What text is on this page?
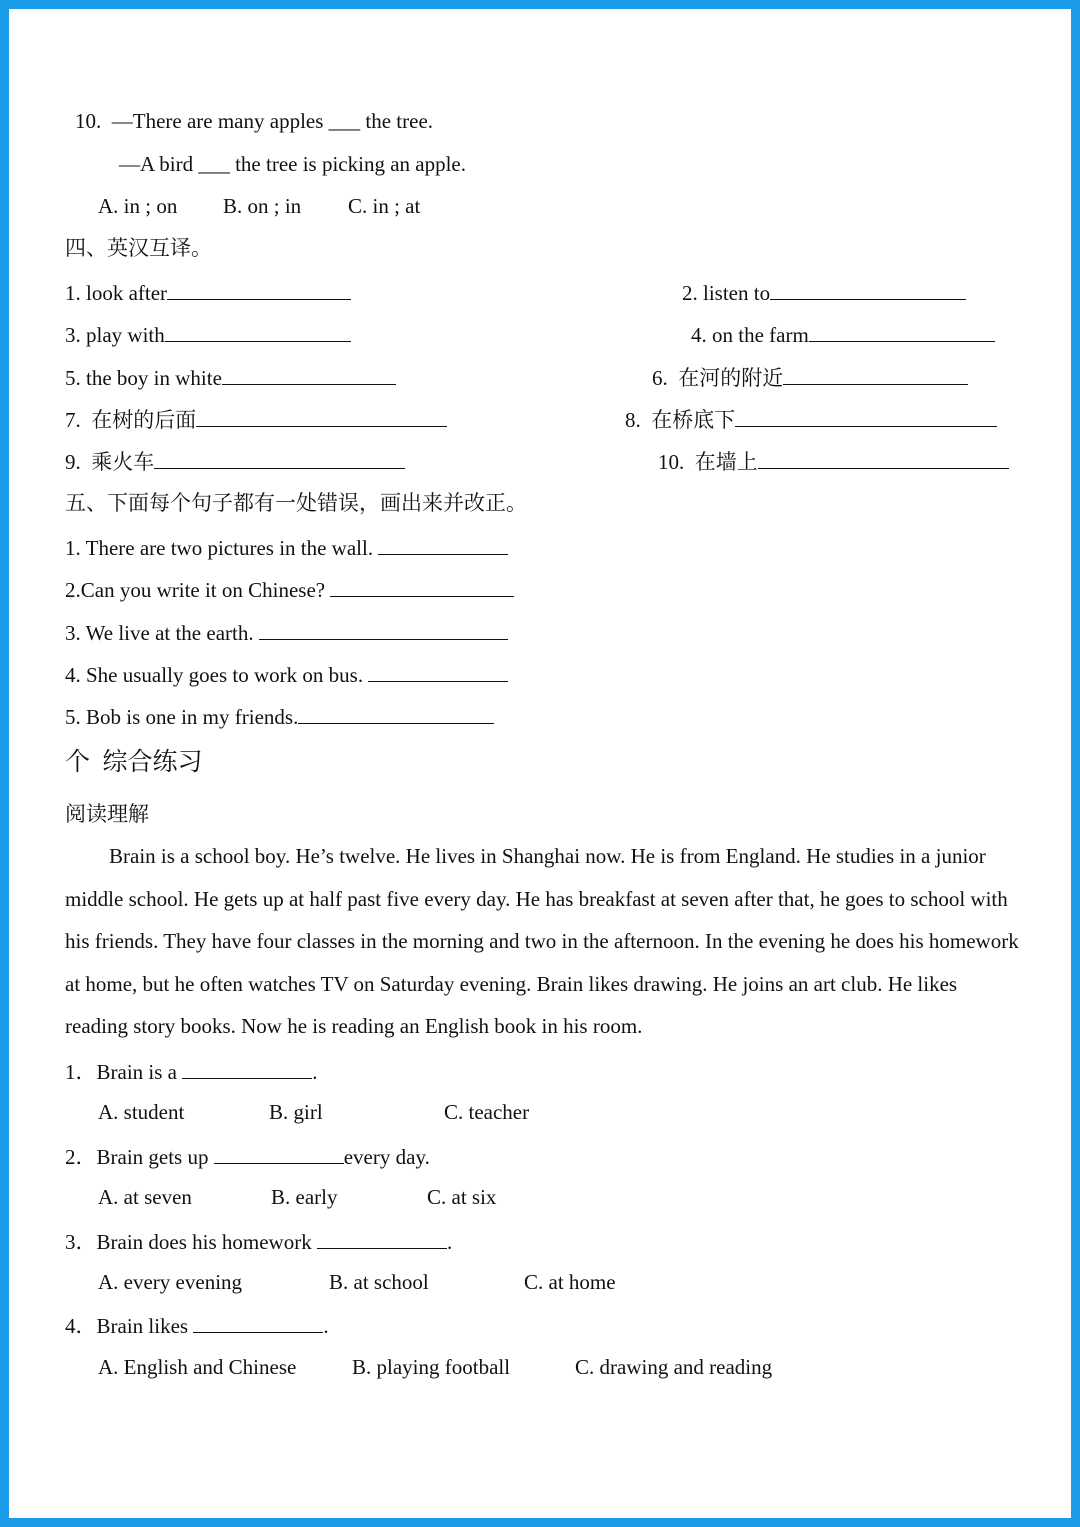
10.  —There are many apples ___ the tree.
—A bird ___ the tree is picking an apple.
A. in ; on B. on ; in C. in ; at
四、英汉互译。
1. look after	2. listen to
3. play with	4. on the farm
5. the boy in white	6.  在河的附近
7.  在树的后面	8.  在桥底下
9.  乘火车	10.  在墙上
五、下面每个句子都有一处错误，画出来并改正。
1. There are two pictures in the wall.
2.Can you write it on Chinese?
3. We live at the earth.
4. She usually goes to work on bus.
5. Bob is one in my friends.
个  综合练习
阅读理解
Brain is a school boy. He’s twelve. He lives in Shanghai now. He is from England. He studies in a junior middle school. He gets up at half past five every day. He has breakfast at seven after that, he goes to school with his friends. They have four classes in the morning and two in the afternoon. In the evening he does his homework at home, but he often watches TV on Saturday evening. Brain likes drawing. He joins an art club. He likes reading story books. Now he is reading an English book in his room.
1．Brain is a	.
A. student	B. girl	C. teacher
2．Brain gets up	every day.
A. at seven	B. early	C. at six
3．Brain does his homework	.
A. every evening	B. at school	C. at home
4．Brain likes	.
A. English and Chinese	B. playing football	C. drawing and reading
